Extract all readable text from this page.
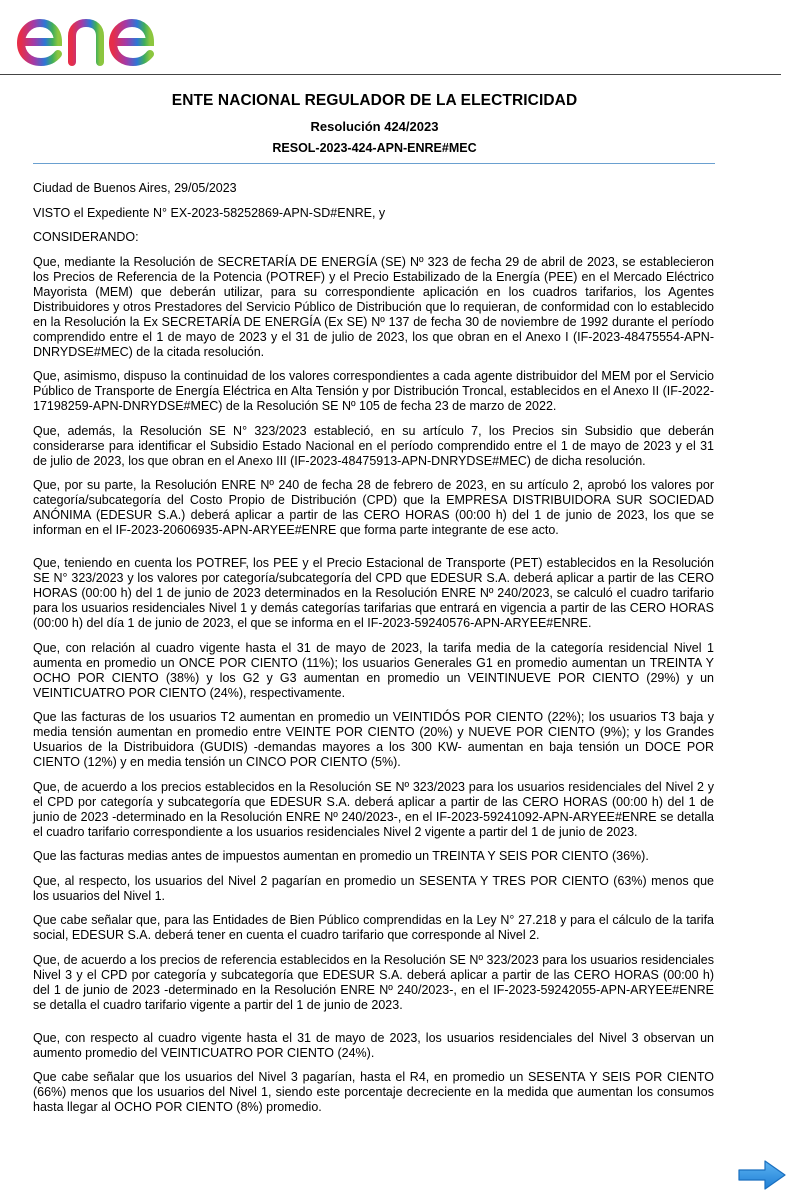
ENTE NACIONAL REGULADOR DE LA ELECTRICIDAD

Resolución 424/2023

RESOL-2023-424-APN-ENRE#MEC

Ciudad de Buenos Aires, 29/05/2023

VISTO el Expediente N° EX-2023-58252869-APN-SD#ENRE, y

CONSIDERANDO:

Que, mediante la Resolución de SECRETARÍA DE ENERGÍA (SE) Nº 323 de fecha 29 de abril de 2023, se establecieron los Precios de Referencia de la Potencia (POTREF) y el Precio Estabilizado de la Energía (PEE) en el Mercado Eléctrico Mayorista (MEM) que deberán utilizar, para su correspondiente aplicación en los cuadros tarifarios, los Agentes Distribuidores y otros Prestadores del Servicio Público de Distribución que lo requieran, de conformidad con lo establecido en la Resolución la Ex SECRETARÍA DE ENERGÍA (Ex SE) Nº 137 de fecha 30 de noviembre de 1992 durante el período comprendido entre el 1 de mayo de 2023 y el 31 de julio de 2023, los que obran en el Anexo I (IF-2023-48475554-APN-DNRYDSE#MEC) de la citada resolución.

Que, asimismo, dispuso la continuidad de los valores correspondientes a cada agente distribuidor del MEM por el Servicio Público de Transporte de Energía Eléctrica en Alta Tensión y por Distribución Troncal, establecidos en el Anexo II (IF-2022-17198259-APN-DNRYDSE#MEC) de la Resolución SE Nº 105 de fecha 23 de marzo de 2022.

Que, además, la Resolución SE N° 323/2023 estableció, en su artículo 7, los Precios sin Subsidio que deberán considerarse para identificar el Subsidio Estado Nacional en el período comprendido entre el 1 de mayo de 2023 y el 31 de julio de 2023, los que obran en el Anexo III (IF-2023-48475913-APN-DNRYDSE#MEC) de dicha resolución.

Que, por su parte, la Resolución ENRE Nº 240 de fecha 28 de febrero de 2023, en su artículo 2, aprobó los valores por categoría/subcategoría del Costo Propio de Distribución (CPD) que la EMPRESA DISTRIBUIDORA SUR SOCIEDAD ANÓNIMA (EDESUR S.A.) deberá aplicar a partir de las CERO HORAS (00:00 h) del 1 de junio de 2023, los que se informan en el IF-2023-20606935-APN-ARYEE#ENRE que forma parte integrante de ese acto.

Que, teniendo en cuenta los POTREF, los PEE y el Precio Estacional de Transporte (PET) establecidos en la Resolución SE N° 323/2023 y los valores por categoría/subcategoría del CPD que EDESUR S.A. deberá aplicar a partir de las CERO HORAS (00:00 h) del 1 de junio de 2023 determinados en la Resolución ENRE Nº 240/2023, se calculó el cuadro tarifario para los usuarios residenciales Nivel 1 y demás categorías tarifarias que entrará en vigencia a partir de las CERO HORAS (00:00 h) del día 1 de junio de 2023, el que se informa en el IF-2023-59240576-APN-ARYEE#ENRE.

Que, con relación al cuadro vigente hasta el 31 de mayo de 2023, la tarifa media de la categoría residencial Nivel 1 aumenta en promedio un ONCE POR CIENTO (11%); los usuarios Generales G1 en promedio aumentan un TREINTA Y OCHO POR CIENTO (38%) y los G2 y G3 aumentan en promedio un VEINTINUEVE POR CIENTO (29%) y un VEINTICUATRO POR CIENTO (24%), respectivamente.

Que las facturas de los usuarios T2 aumentan en promedio un VEINTIDÓS POR CIENTO (22%); los usuarios T3 baja y media tensión aumentan en promedio entre VEINTE POR CIENTO (20%) y NUEVE POR CIENTO (9%); y los Grandes Usuarios de la Distribuidora (GUDIS) -demandas mayores a los 300 KW- aumentan en baja tensión un DOCE POR CIENTO (12%) y en media tensión un CINCO POR CIENTO (5%).

Que, de acuerdo a los precios establecidos en la Resolución SE Nº 323/2023 para los usuarios residenciales del Nivel 2 y el CPD por categoría y subcategoría que EDESUR S.A. deberá aplicar a partir de las CERO HORAS (00:00 h) del 1 de junio de 2023 -determinado en la Resolución ENRE Nº 240/2023-, en el IF-2023-59241092-APN-ARYEE#ENRE se detalla el cuadro tarifario correspondiente a los usuarios residenciales Nivel 2 vigente a partir del 1 de junio de 2023.

Que las facturas medias antes de impuestos aumentan en promedio un TREINTA Y SEIS POR CIENTO (36%).

Que, al respecto, los usuarios del Nivel 2 pagarían en promedio un SESENTA Y TRES POR CIENTO (63%) menos que los usuarios del Nivel 1.

Que cabe señalar que, para las Entidades de Bien Público comprendidas en la Ley N° 27.218 y para el cálculo de la tarifa social, EDESUR S.A. deberá tener en cuenta el cuadro tarifario que corresponde al Nivel 2.

Que, de acuerdo a los precios de referencia establecidos en la Resolución SE Nº 323/2023 para los usuarios residenciales Nivel 3 y el CPD por categoría y subcategoría que EDESUR S.A. deberá aplicar a partir de las CERO HORAS (00:00 h) del 1 de junio de 2023 -determinado en la Resolución ENRE Nº 240/2023-, en el IF-2023-59242055-APN-ARYEE#ENRE se detalla el cuadro tarifario vigente a partir del 1 de junio de 2023.

Que, con respecto al cuadro vigente hasta el 31 de mayo de 2023, los usuarios residenciales del Nivel 3 observan un aumento promedio del VEINTICUATRO POR CIENTO (24%).

Que cabe señalar que los usuarios del Nivel 3 pagarían, hasta el R4, en promedio un SESENTA Y SEIS POR CIENTO (66%) menos que los usuarios del Nivel 1, siendo este porcentaje decreciente en la medida que aumentan los consumos hasta llegar al OCHO POR CIENTO (8%) promedio.
